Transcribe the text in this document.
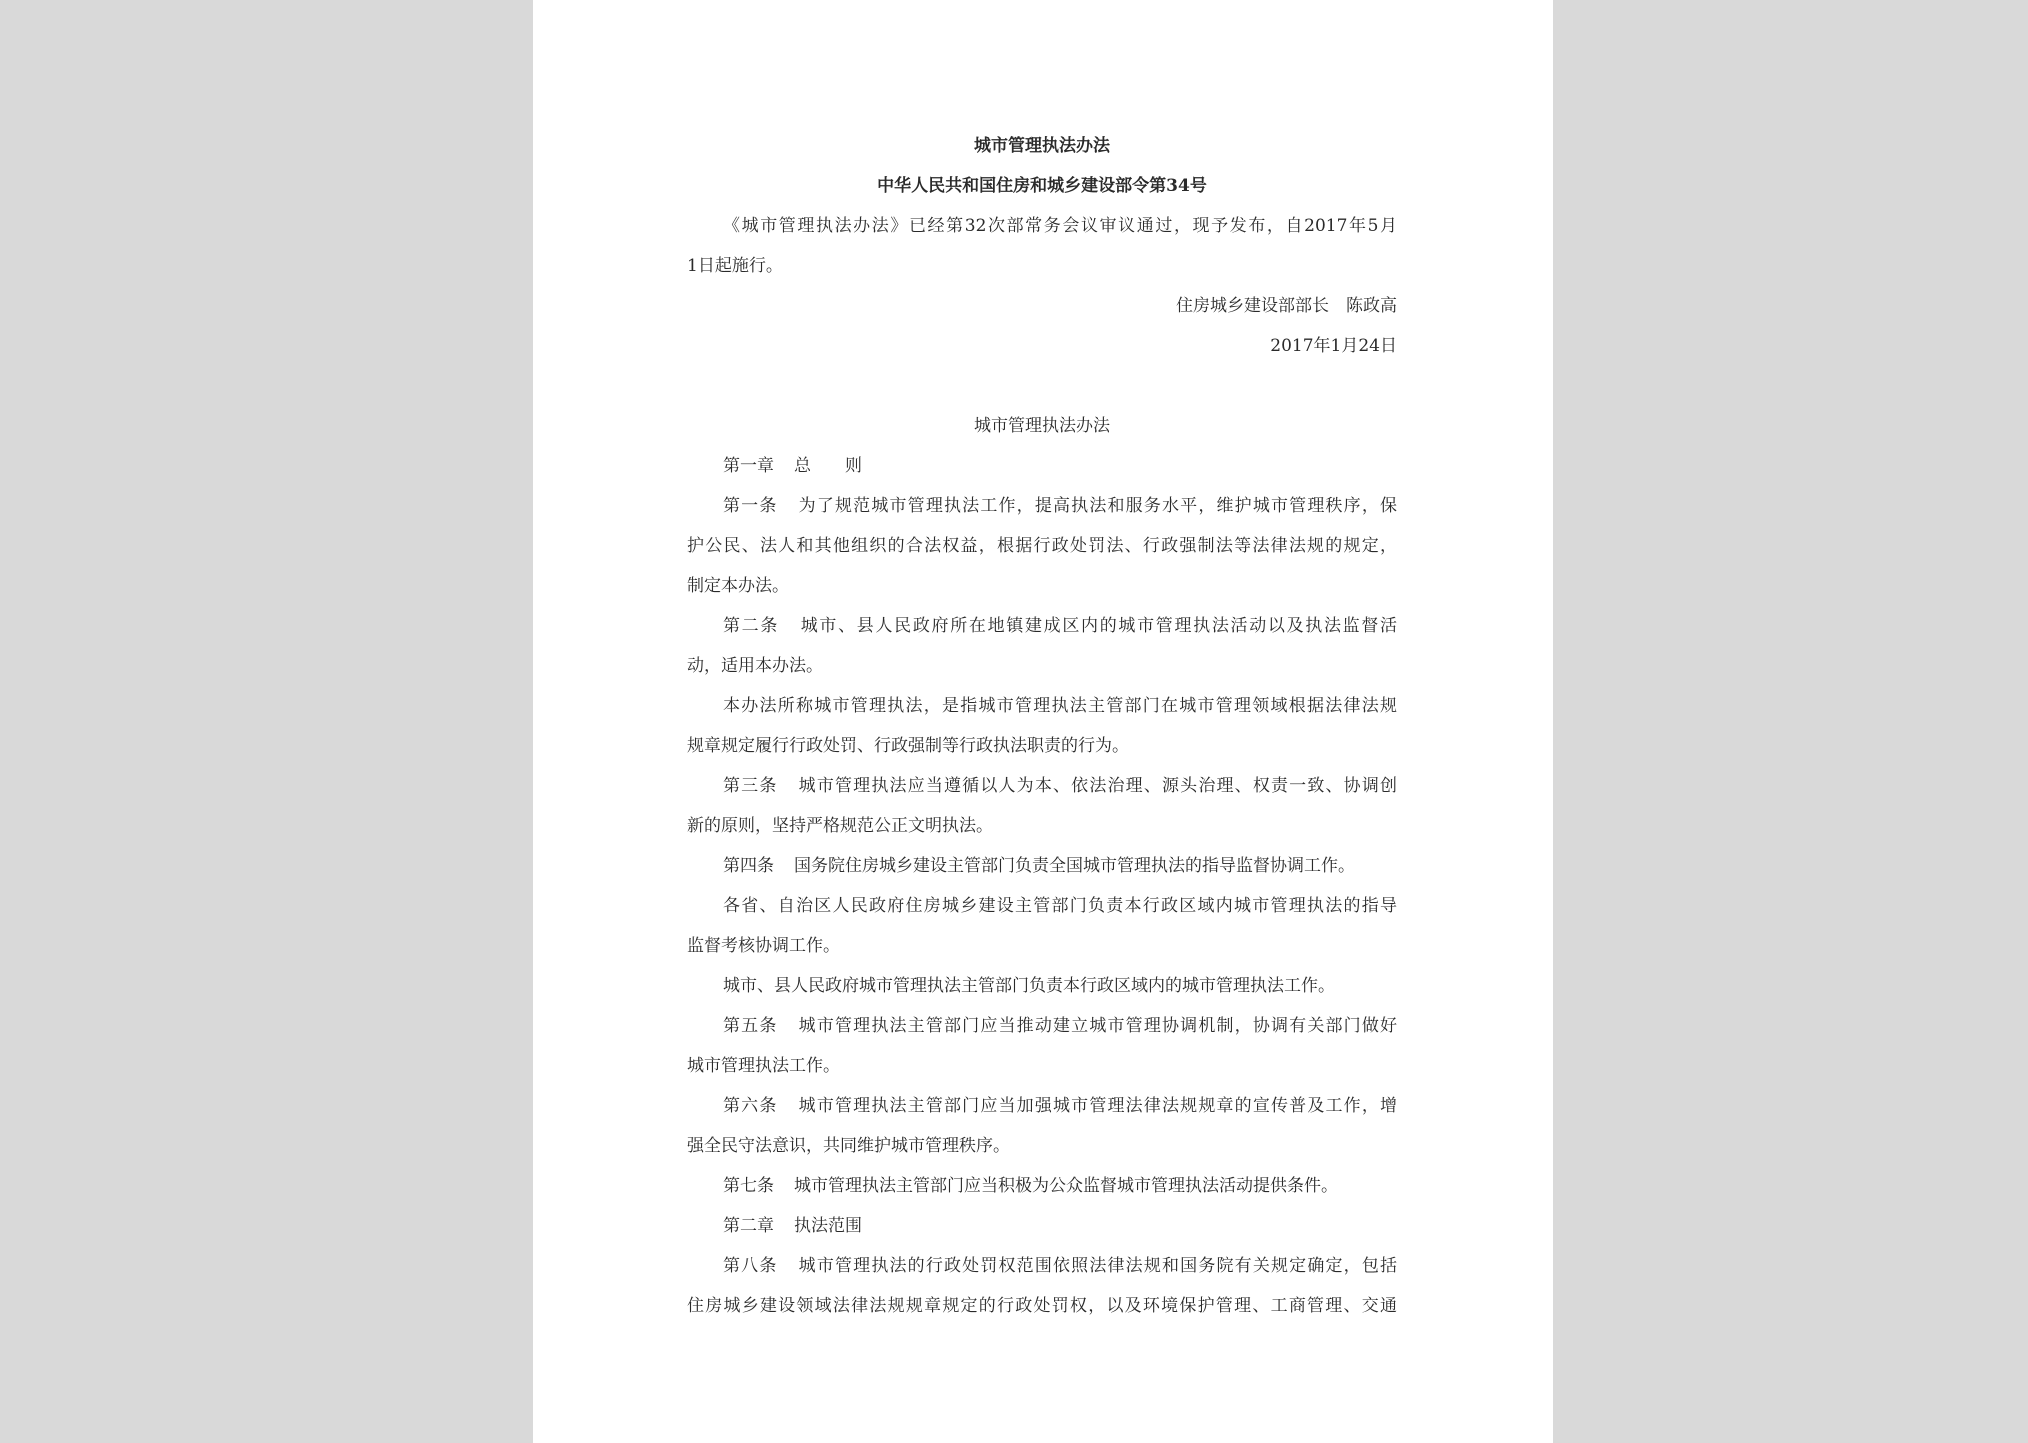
城市管理执法办法
中华人民共和国住房和城乡建设部令第34号
《城市管理执法办法》已经第32次部常务会议审议通过，现予发布，自2017年5月
1日起施行。
住房城乡建设部部长　陈政高
2017年1月24日
城市管理执法办法
第一章 总　　则
第一条 为了规范城市管理执法工作，提高执法和服务水平，维护城市管理秩序，保
护公民、法人和其他组织的合法权益，根据行政处罚法、行政强制法等法律法规的规定，
制定本办法。
第二条 城市、县人民政府所在地镇建成区内的城市管理执法活动以及执法监督活
动，适用本办法。
本办法所称城市管理执法，是指城市管理执法主管部门在城市管理领域根据法律法规
规章规定履行行政处罚、行政强制等行政执法职责的行为。
第三条 城市管理执法应当遵循以人为本、依法治理、源头治理、权责一致、协调创
新的原则，坚持严格规范公正文明执法。
第四条 国务院住房城乡建设主管部门负责全国城市管理执法的指导监督协调工作。
各省、自治区人民政府住房城乡建设主管部门负责本行政区域内城市管理执法的指导
监督考核协调工作。
城市、县人民政府城市管理执法主管部门负责本行政区域内的城市管理执法工作。
第五条 城市管理执法主管部门应当推动建立城市管理协调机制，协调有关部门做好
城市管理执法工作。
第六条 城市管理执法主管部门应当加强城市管理法律法规规章的宣传普及工作，增
强全民守法意识，共同维护城市管理秩序。
第七条 城市管理执法主管部门应当积极为公众监督城市管理执法活动提供条件。
第二章 执法范围
第八条 城市管理执法的行政处罚权范围依照法律法规和国务院有关规定确定，包括
住房城乡建设领域法律法规规章规定的行政处罚权，以及环境保护管理、工商管理、交通
